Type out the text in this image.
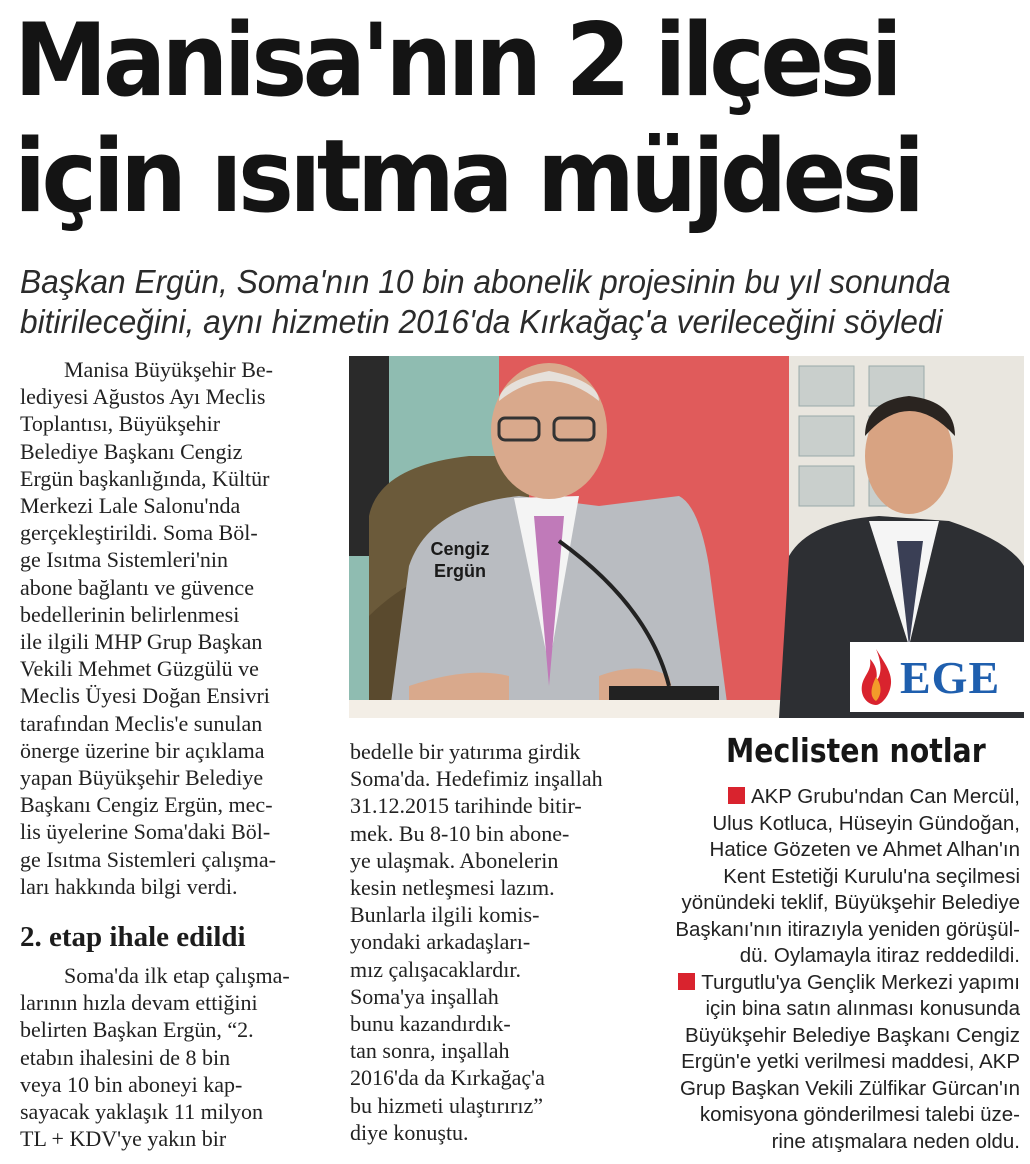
Manisa'nın 2 ilçesi
için ısıtma müjdesi
Başkan Ergün, Soma'nın 10 bin abonelik projesinin bu yıl sonunda
bitirileceğini, aynı hizmetin 2016'da Kırkağaç'a verileceğini söyledi
Manisa Büyükşehir Be-
lediyesi Ağustos Ayı Meclis
Toplantısı, Büyükşehir
Belediye Başkanı Cengiz
Ergün başkanlığında, Kültür
Merkezi Lale Salonu'nda
gerçekleştirildi. Soma Böl-
ge Isıtma Sistemleri'nin
abone bağlantı ve güvence
bedellerinin belirlenmesi
ile ilgili MHP Grup Başkan
Vekili Mehmet Güzgülü ve
Meclis Üyesi Doğan Ensivri
tarafından Meclis'e sunulan
önerge üzerine bir açıklama
yapan Büyükşehir Belediye
Başkanı Cengiz Ergün, mec-
lis üyelerine Soma'daki Böl-
ge Isıtma Sistemleri çalışma-
ları hakkında bilgi verdi.
2. etap ihale edildi
Soma'da ilk etap çalışma-
larının hızla devam ettiğini
belirten Başkan Ergün, “2.
etabın ihalesini de 8 bin
veya 10 bin aboneyi kap-
sayacak yaklaşık 11 milyon
TL + KDV'ye yakın bir
Cengiz
Ergün
EGE
bedelle bir yatırıma girdik
Soma'da. Hedefimiz inşallah
31.12.2015 tarihinde bitir-
mek. Bu 8-10 bin abone-
ye ulaşmak. Abonelerin
kesin netleşmesi lazım.
Bunlarla ilgili komis-
yondaki arkadaşları-
mız çalışacaklardır.
Soma'ya inşallah
bunu kazandırdık-
tan sonra, inşallah
2016'da da Kırkağaç'a
bu hizmeti ulaştırırız”
diye konuştu.
Meclisten notlar
AKP Grubu'ndan Can Mercül,
Ulus Kotluca, Hüseyin Gündoğan,
Hatice Gözeten ve Ahmet Alhan'ın
Kent Estetiği Kurulu'na seçilmesi
yönündeki teklif, Büyükşehir Belediye
Başkanı'nın itirazıyla yeniden görüşül-
dü. Oylamayla itiraz reddedildi.
Turgutlu'ya Gençlik Merkezi yapımı
için bina satın alınması konusunda
Büyükşehir Belediye Başkanı Cengiz
Ergün'e yetki verilmesi maddesi, AKP
Grup Başkan Vekili Zülfikar Gürcan'ın
komisyona gönderilmesi talebi üze-
rine atışmalara neden oldu.
